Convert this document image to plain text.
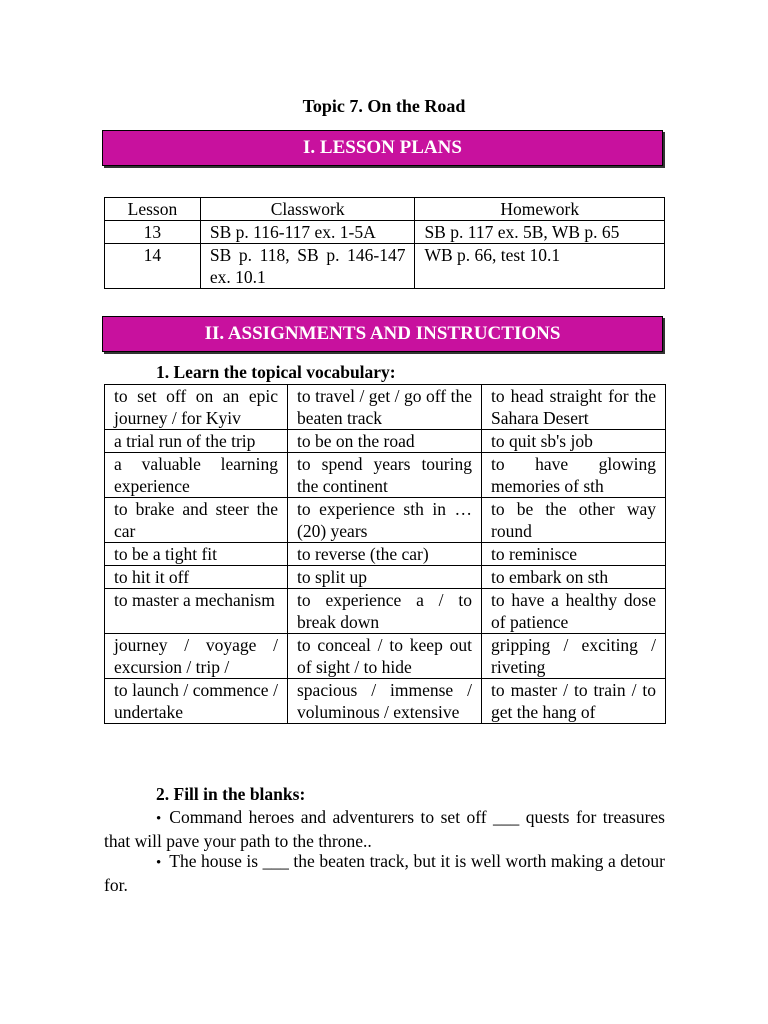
Topic 7. On the Road
I. LESSON PLANS
Lesson	Classwork	Homework
13	SB p. 116-117 ex. 1-5A	SB p. 117 ex. 5B, WB p. 65
14	SB p. 118, SB p. 146-147 ex. 10.1	WB p. 66, test 10.1
II. ASSIGNMENTS AND INSTRUCTIONS
1. Learn the topical vocabulary:
to set off on an epic journey / for Kyiv	to travel / get / go off the beaten track	to head straight for the Sahara Desert
a trial run of the trip	to be on the road	to quit sb's job
a valuable learning experience	to spend years touring the continent	to have glowing memories of sth
to brake and steer the car	to experience sth in … (20) years	to be the other way round
to be a tight fit	to reverse (the car)	to reminisce
to hit it off	to split up	to embark on sth
to master a mechanism	to experience a / to break down	to have a healthy dose of patience
journey / voyage / excursion / trip /	to conceal / to keep out of sight / to hide	gripping / exciting / riveting
to launch / commence / undertake	spacious / immense / voluminous / extensive	to master / to train / to get the hang of
2. Fill in the blanks:
• Command heroes and adventurers to set off ___ quests for treasures that will pave your path to the throne..
• The house is ___ the beaten track, but it is well worth making a detour for.
